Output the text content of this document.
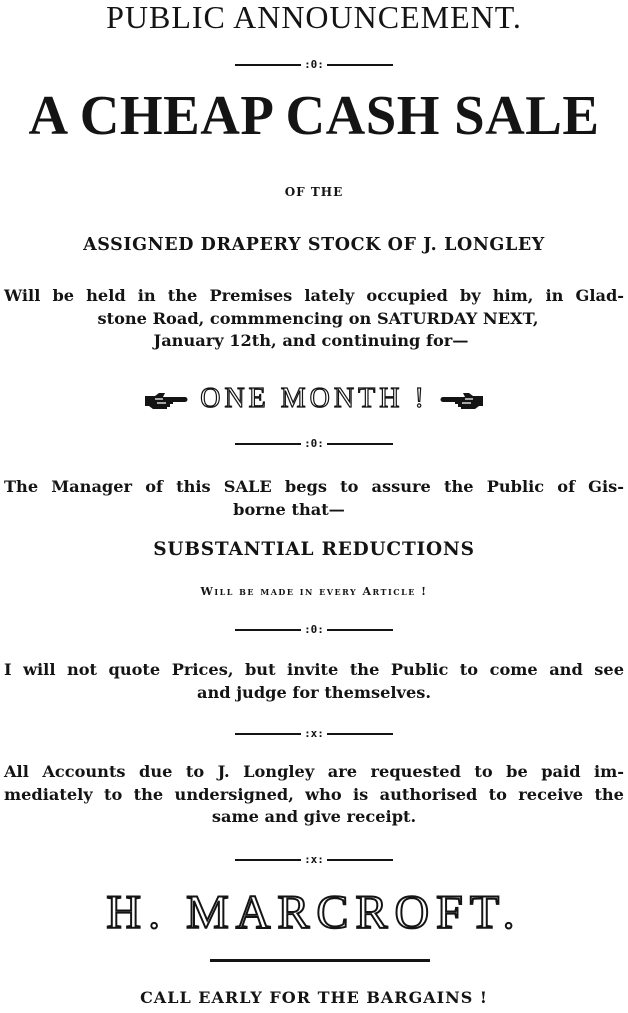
PUBLIC ANNOUNCEMENT.
:0:
A CHEAP CASH SALE
OF THE
ASSIGNED DRAPERY STOCK OF J. LONGLEY
Will be held in the Premises lately occupied by him, in Glad-
stone Road, commmencing on SATURDAY NEXT,
January 12th, and continuing for—
ONE MONTH !
:0:
The Manager of this SALE begs to assure the Public of Gis-
borne that—
SUBSTANTIAL REDUCTIONS
Will be made in every Article !
:0:
I will not quote Prices, but invite the Public to come and see
and judge for themselves.
:x:
All Accounts due to J. Longley are requested to be paid im-
mediately to the undersigned, who is authorised to receive the
same and give receipt.
:x:
H. MARCROFT.
CALL EARLY FOR THE BARGAINS !
